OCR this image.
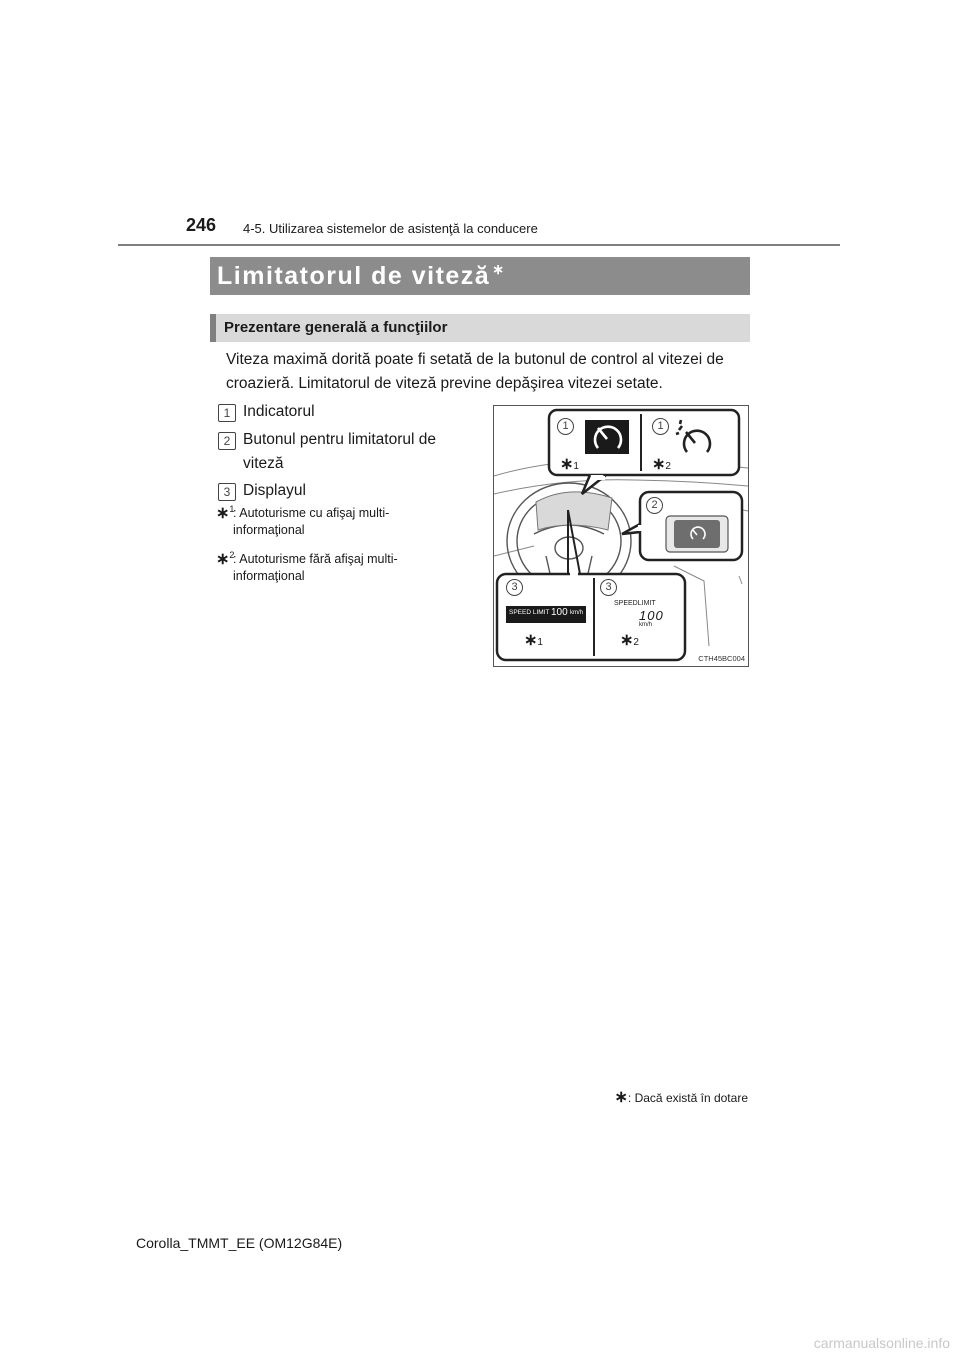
246 4-5. Utilizarea sistemelor de asistenţă la conducere
Limitatorul de viteză ∗
Prezentare generală a funcţiilor
Viteza maximă dorită poate fi setată de la butonul de control al vitezei de croazieră. Limitatorul de viteză previne depăşirea vitezei setate.
1 Indicatorul
2 Butonul pentru limitatorul de viteză
3 Displayul
∗$^1$
: Autoturisme cu afişaj multi-informaţional
∗$^2$
: Autoturisme fără afişaj multi-informaţional
1	1
2
3	3
∗1	∗2
∗1	∗2
SPEED LIMIT 100 km/h
SPEEDLIMIT
100
km/h
CTH45BC004
∗: Dacă există în dotare
Corolla_TMMT_EE (OM12G84E)
carmanualsonline.info
